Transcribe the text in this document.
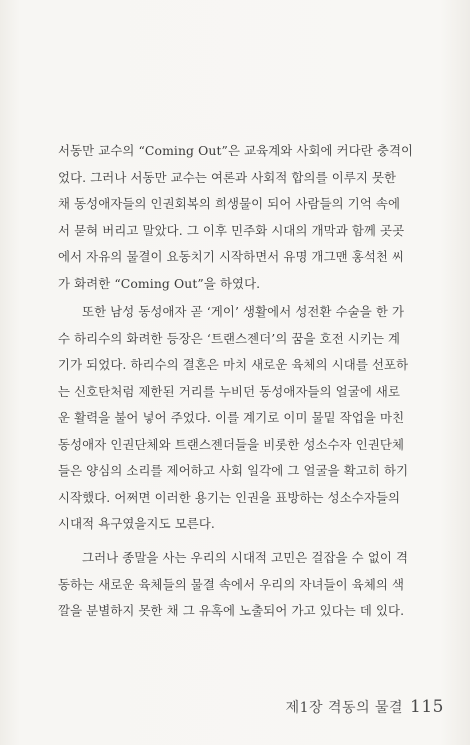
서동만 교수의 “Coming Out”은 교육계와 사회에 커다란 충격이
었다. 그러나 서동만 교수는 여론과 사회적 합의를 이루지 못한
채 동성애자들의 인권회복의 희생물이 되어 사람들의 기억 속에
서 묻혀 버리고 말았다. 그 이후 민주화 시대의 개막과 함께 곳곳
에서 자유의 물결이 요동치기 시작하면서 유명 개그맨 홍석천 씨
가 화려한 “Coming Out”을 하였다.
또한 남성 동성애자 곧 ‘게이’ 생활에서 성전환 수술을 한 가
수 하리수의 화려한 등장은 ‘트랜스젠더’의 꿈을 호전 시키는 계
기가 되었다. 하리수의 결혼은 마치 새로운 육체의 시대를 선포하
는 신호탄처럼 제한된 거리를 누비던 동성애자들의 얼굴에 새로
운 활력을 불어 넣어 주었다. 이를 계기로 이미 물밑 작업을 마친
동성애자 인권단체와 트랜스젠더들을 비롯한 성소수자 인권단체
들은 양심의 소리를 제어하고 사회 일각에 그 얼굴을 확고히 하기
시작했다. 어쩌면 이러한 용기는 인권을 표방하는 성소수자들의
시대적 욕구였을지도 모른다.
그러나 종말을 사는 우리의 시대적 고민은 걸잡을 수 없이 격
동하는 새로운 육체들의 물결 속에서 우리의 자녀들이 육체의 색
깔을 분별하지 못한 채 그 유혹에 노출되어 가고 있다는 데 있다.
제1장 격동의 물결 115
